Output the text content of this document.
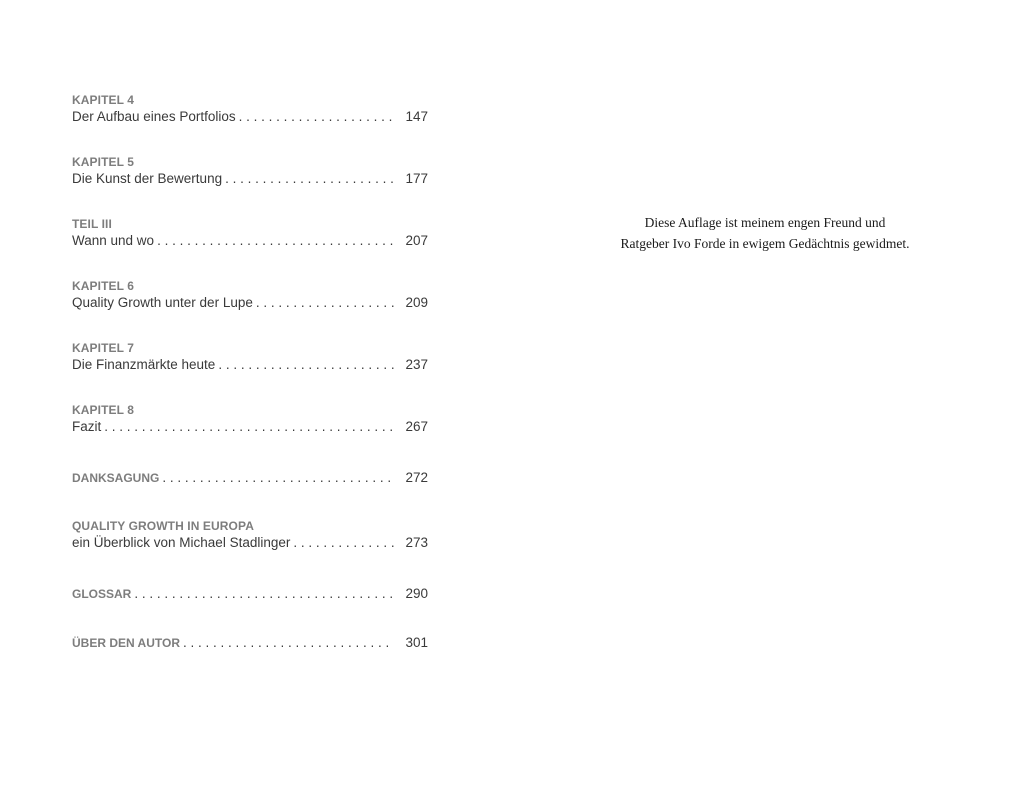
KAPITEL 4
Der Aufbau eines Portfolios . . .	147
KAPITEL 5
Die Kunst der Bewertung . . .	177
TEIL III
Wann und wo . . .	207
KAPITEL 6
Quality Growth unter der Lupe . . .	209
KAPITEL 7
Die Finanzmärkte heute . . .	237
KAPITEL 8
Fazit . . .	267
DANKSAGUNG . . .	272
QUALITY GROWTH IN EUROPA
ein Überblick von Michael Stadlinger . . .	273
GLOSSAR . . .	290
ÜBER DEN AUTOR . . .	301
Diese Auflage ist meinem engen Freund und
Ratgeber Ivo Forde in ewigem Gedächtnis gewidmet.
